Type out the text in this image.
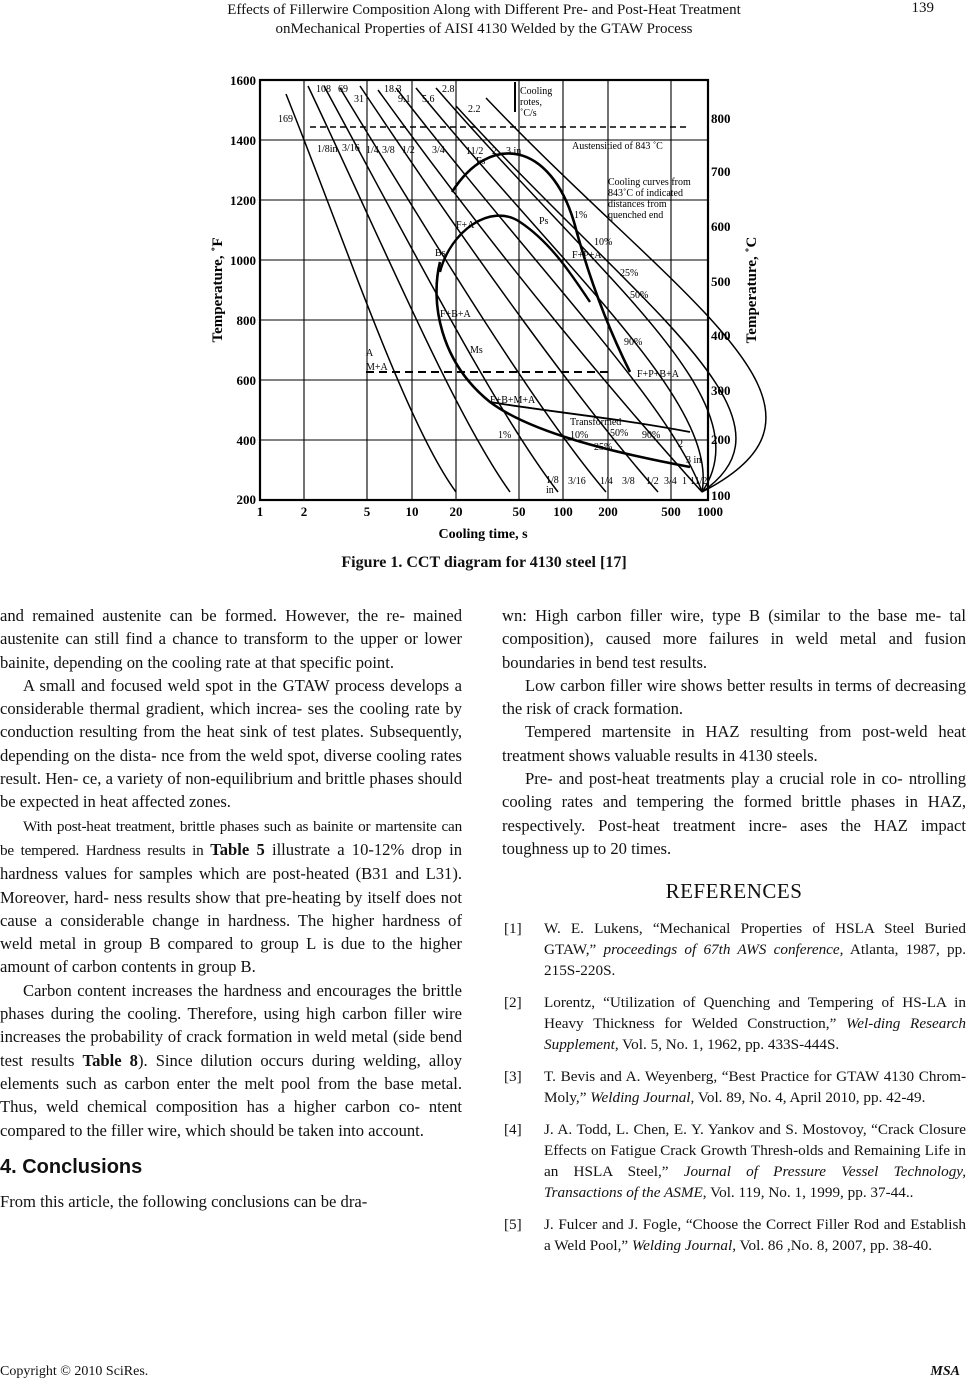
Effects of Fillerwire Composition Along with Different Pre- and Post-Heat Treatment
onMechanical Properties of AISI 4130 Welded by the GTAW Process
139
1600
1400
1200
1000
800
600
400
200
800
700
600
500
400
300
200
100
1	2	5	10 20	50 100 200	500 1000
Cooling time, s
Temperature, ˚F	Temperature, ˚C
Cooling
rotes,
˚C/s
169
108 69
31
18.3
9.1 5.6
2.8
2.2
1/8in 3/16 1/4 3/8 1/2 3/4 11/2 2 3 in	Austensitied of 843 ˚C
Cooling curves from
843˚C of indicated
distances from
quenched end
Fs
F+A	Ps
1%
10%
F+P+A
25%
50%
Bs
F+B+A
Ms
90%
A
M+A
F+P+B+A
F+B+M+A
Transformed
1%	10% 50% 90%
25%	2
3 in
1/8
in
3/16 1/4 3/8 1/2 3/4 1 11/2
Figure 1. CCT diagram for 4130 steel [17]

and remained austenite can be formed. However, the re- mained austenite can still find a chance to transform to the upper or lower bainite, depending on the cooling rate at that specific point.

A small and focused weld spot in the GTAW process develops a considerable thermal gradient, which increa- ses the cooling rate by conduction resulting from the heat sink of test plates. Subsequently, depending on the dista- nce from the weld spot, diverse cooling rates result. Hen- ce, a variety of non-equilibrium and brittle phases should be expected in heat affected zones.

With post-heat treatment, brittle phases such as bainite or martensite can be tempered. Hardness results in Table 5 illustrate a 10-12% drop in hardness values for samples which are post-heated (B31 and L31). Moreover, hard- ness results show that pre-heating by itself does not cause a considerable change in hardness. The higher hardness of weld metal in group B compared to group L is due to the higher amount of carbon contents in group B.

Carbon content increases the hardness and encourages the brittle phases during the cooling. Therefore, using high carbon filler wire increases the probability of crack formation in weld metal (side bend test results Table 8). Since dilution occurs during welding, alloy elements such as carbon enter the melt pool from the base metal. Thus, weld chemical composition has a higher carbon co- ntent compared to the filler wire, which should be taken into account.

4. Conclusions

From this article, the following conclusions can be dra-

wn: High carbon filler wire, type B (similar to the base me- tal composition), caused more failures in weld metal and fusion boundaries in bend test results.

Low carbon filler wire shows better results in terms of decreasing the risk of crack formation.

Tempered martensite in HAZ resulting from post-weld heat treatment shows valuable results in 4130 steels.

Pre- and post-heat treatments play a crucial role in co- ntrolling cooling rates and tempering the formed brittle phases in HAZ, respectively. Post-heat treatment incre- ases the HAZ impact toughness up to 20 times.

REFERENCES
[1] W. E. Lukens, “Mechanical Properties of HSLA Steel Buried GTAW,” proceedings of 67th AWS conference, Atlanta, 1987, pp. 215S-220S.
[2] Lorentz, “Utilization of Quenching and Tempering of HS-LA in Heavy Thickness for Welded Construction,” Wel-ding Research Supplement, Vol. 5, No. 1, 1962, pp. 433S-444S.
[3] T. Bevis and A. Weyenberg, “Best Practice for GTAW 4130 Chrom-Moly,” Welding Journal, Vol. 89, No. 4, April 2010, pp. 42-49.
[4] J. A. Todd, L. Chen, E. Y. Yankov and S. Mostovoy, “Crack Closure Effects on Fatigue Crack Growth Thresh-olds and Remaining Life in an HSLA Steel,” Journal of Pressure Vessel Technology, Transactions of the ASME, Vol. 119, No. 1, 1999, pp. 37-44..
[5] J. Fulcer and J. Fogle, “Choose the Correct Filler Rod and Establish a Weld Pool,” Welding Journal, Vol. 86 ,No. 8, 2007, pp. 38-40.
Copyright © 2010 SciRes.	MSA
